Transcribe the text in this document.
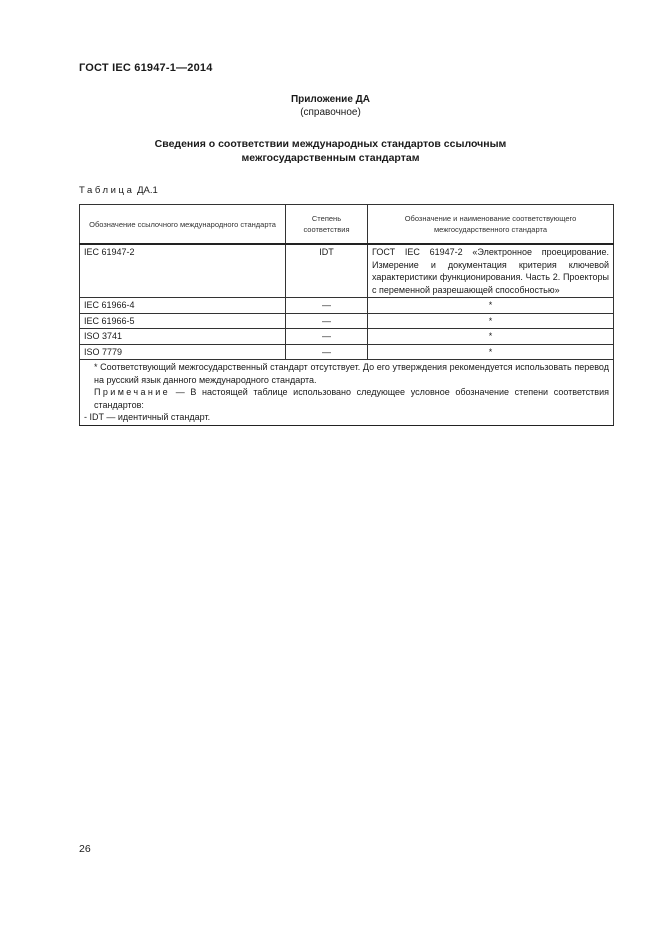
ГОСТ IEC 61947-1—2014
Приложение ДА
(справочное)
Сведения о соответствии международных стандартов ссылочным
межгосударственным стандартам
Таблица ДА.1
Обозначение ссылочного международного стандарта	Степень соответствия	Обозначение и наименование соответствующего межгосударственного стандарта
IEC 61947-2	IDT	ГОСТ IEC 61947-2 «Электронное проецирование. Измерение и документация критерия ключевой характеристики функционирования. Часть 2. Проекторы с переменной разрешающей способностью»
IEC 61966-4	—	*
IEC 61966-5	—	*
ISO 3741	—	*
ISO 7779	—	*

* Соответствующий межгосударственный стандарт отсутствует. До его утверждения рекомендуется использовать перевод на русский язык данного международного стандарта.
Примечание — В настоящей таблице использовано следующее условное обозначение степени соответствия стандартов:
- IDT — идентичный стандарт.		
26
